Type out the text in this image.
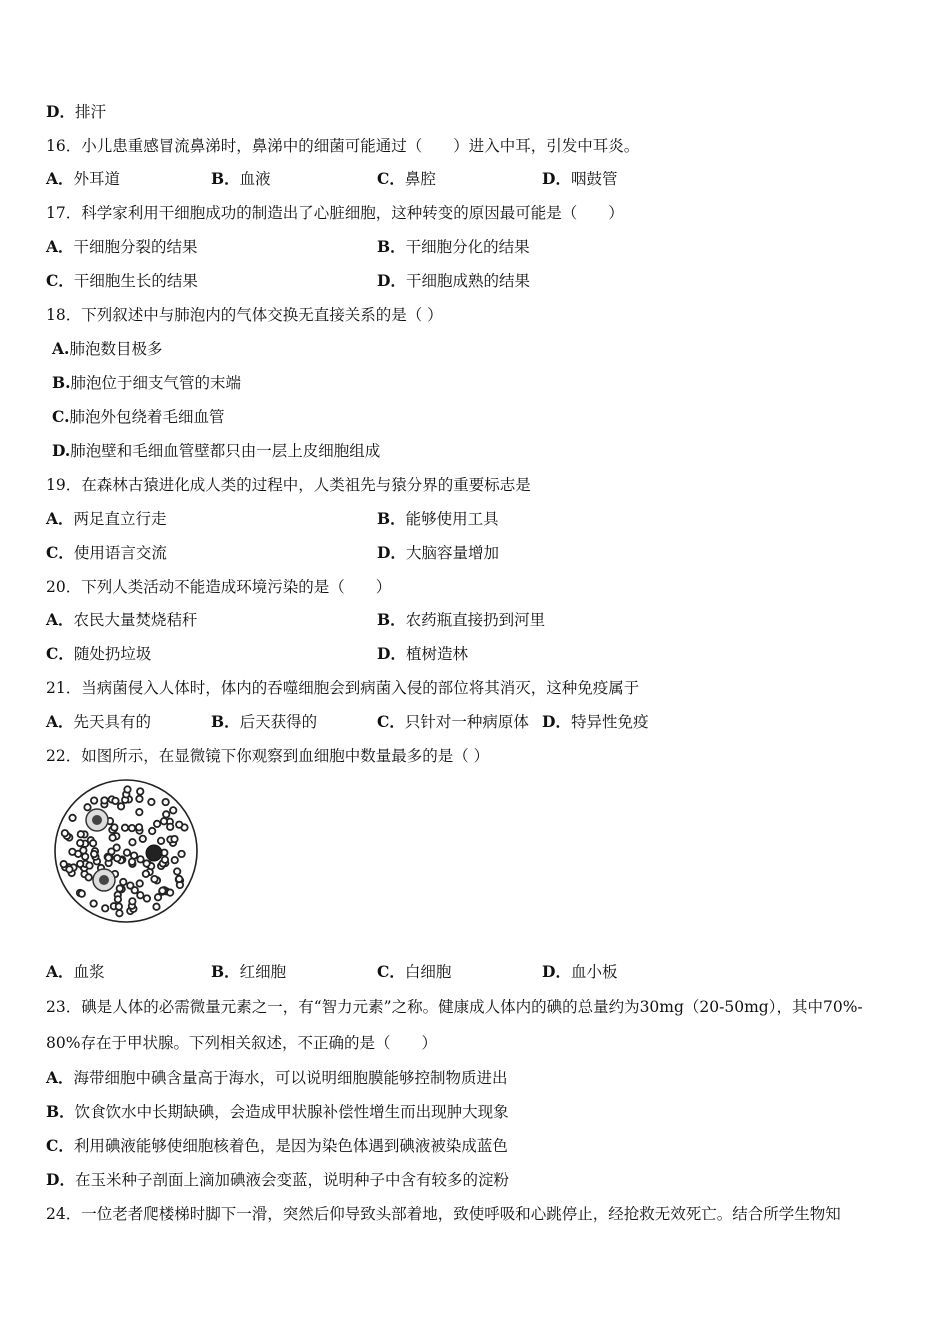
D．排汗
16．小儿患重感冒流鼻涕时，鼻涕中的细菌可能通过（　　）进入中耳，引发中耳炎。
A．外耳道	B．血液	C．鼻腔	D．咽鼓管
17．科学家利用干细胞成功的制造出了心脏细胞，这种转变的原因最可能是（　　）
A．干细胞分裂的结果	B．干细胞分化的结果
C．干细胞生长的结果	D．干细胞成熟的结果
18．下列叙述中与肺泡内的气体交换无直接关系的是（ ）
A.肺泡数目极多
B.肺泡位于细支气管的末端
C.肺泡外包绕着毛细血管
D.肺泡壁和毛细血管壁都只由一层上皮细胞组成
19．在森林古猿进化成人类的过程中，人类祖先与猿分界的重要标志是
A．两足直立行走	B．能够使用工具
C．使用语言交流	D．大脑容量增加
20．下列人类活动不能造成环境污染的是（　　）
A．农民大量焚烧秸秆	B．农药瓶直接扔到河里
C．随处扔垃圾	D．植树造林
21．当病菌侵入人体时，体内的吞噬细胞会到病菌入侵的部位将其消灭，这种免疫属于
A．先天具有的	B．后天获得的	C．只针对一种病原体 D．特异性免疫
22．如图所示，在显微镜下你观察到血细胞中数量最多的是（ ）
A．血浆	B．红细胞	C．白细胞	D．血小板
23．碘是人体的必需微量元素之一，有“智力元素”之称。健康成人体内的碘的总量约为30mg（20-50mg），其中70%-
80%存在于甲状腺。下列相关叙述，不正确的是（　　）
A．海带细胞中碘含量高于海水，可以说明细胞膜能够控制物质进出
B．饮食饮水中长期缺碘，会造成甲状腺补偿性增生而出现肿大现象
C．利用碘液能够使细胞核着色，是因为染色体遇到碘液被染成蓝色
D．在玉米种子剖面上滴加碘液会变蓝，说明种子中含有较多的淀粉
24．一位老者爬楼梯时脚下一滑，突然后仰导致头部着地，致使呼吸和心跳停止，经抢救无效死亡。结合所学生物知
